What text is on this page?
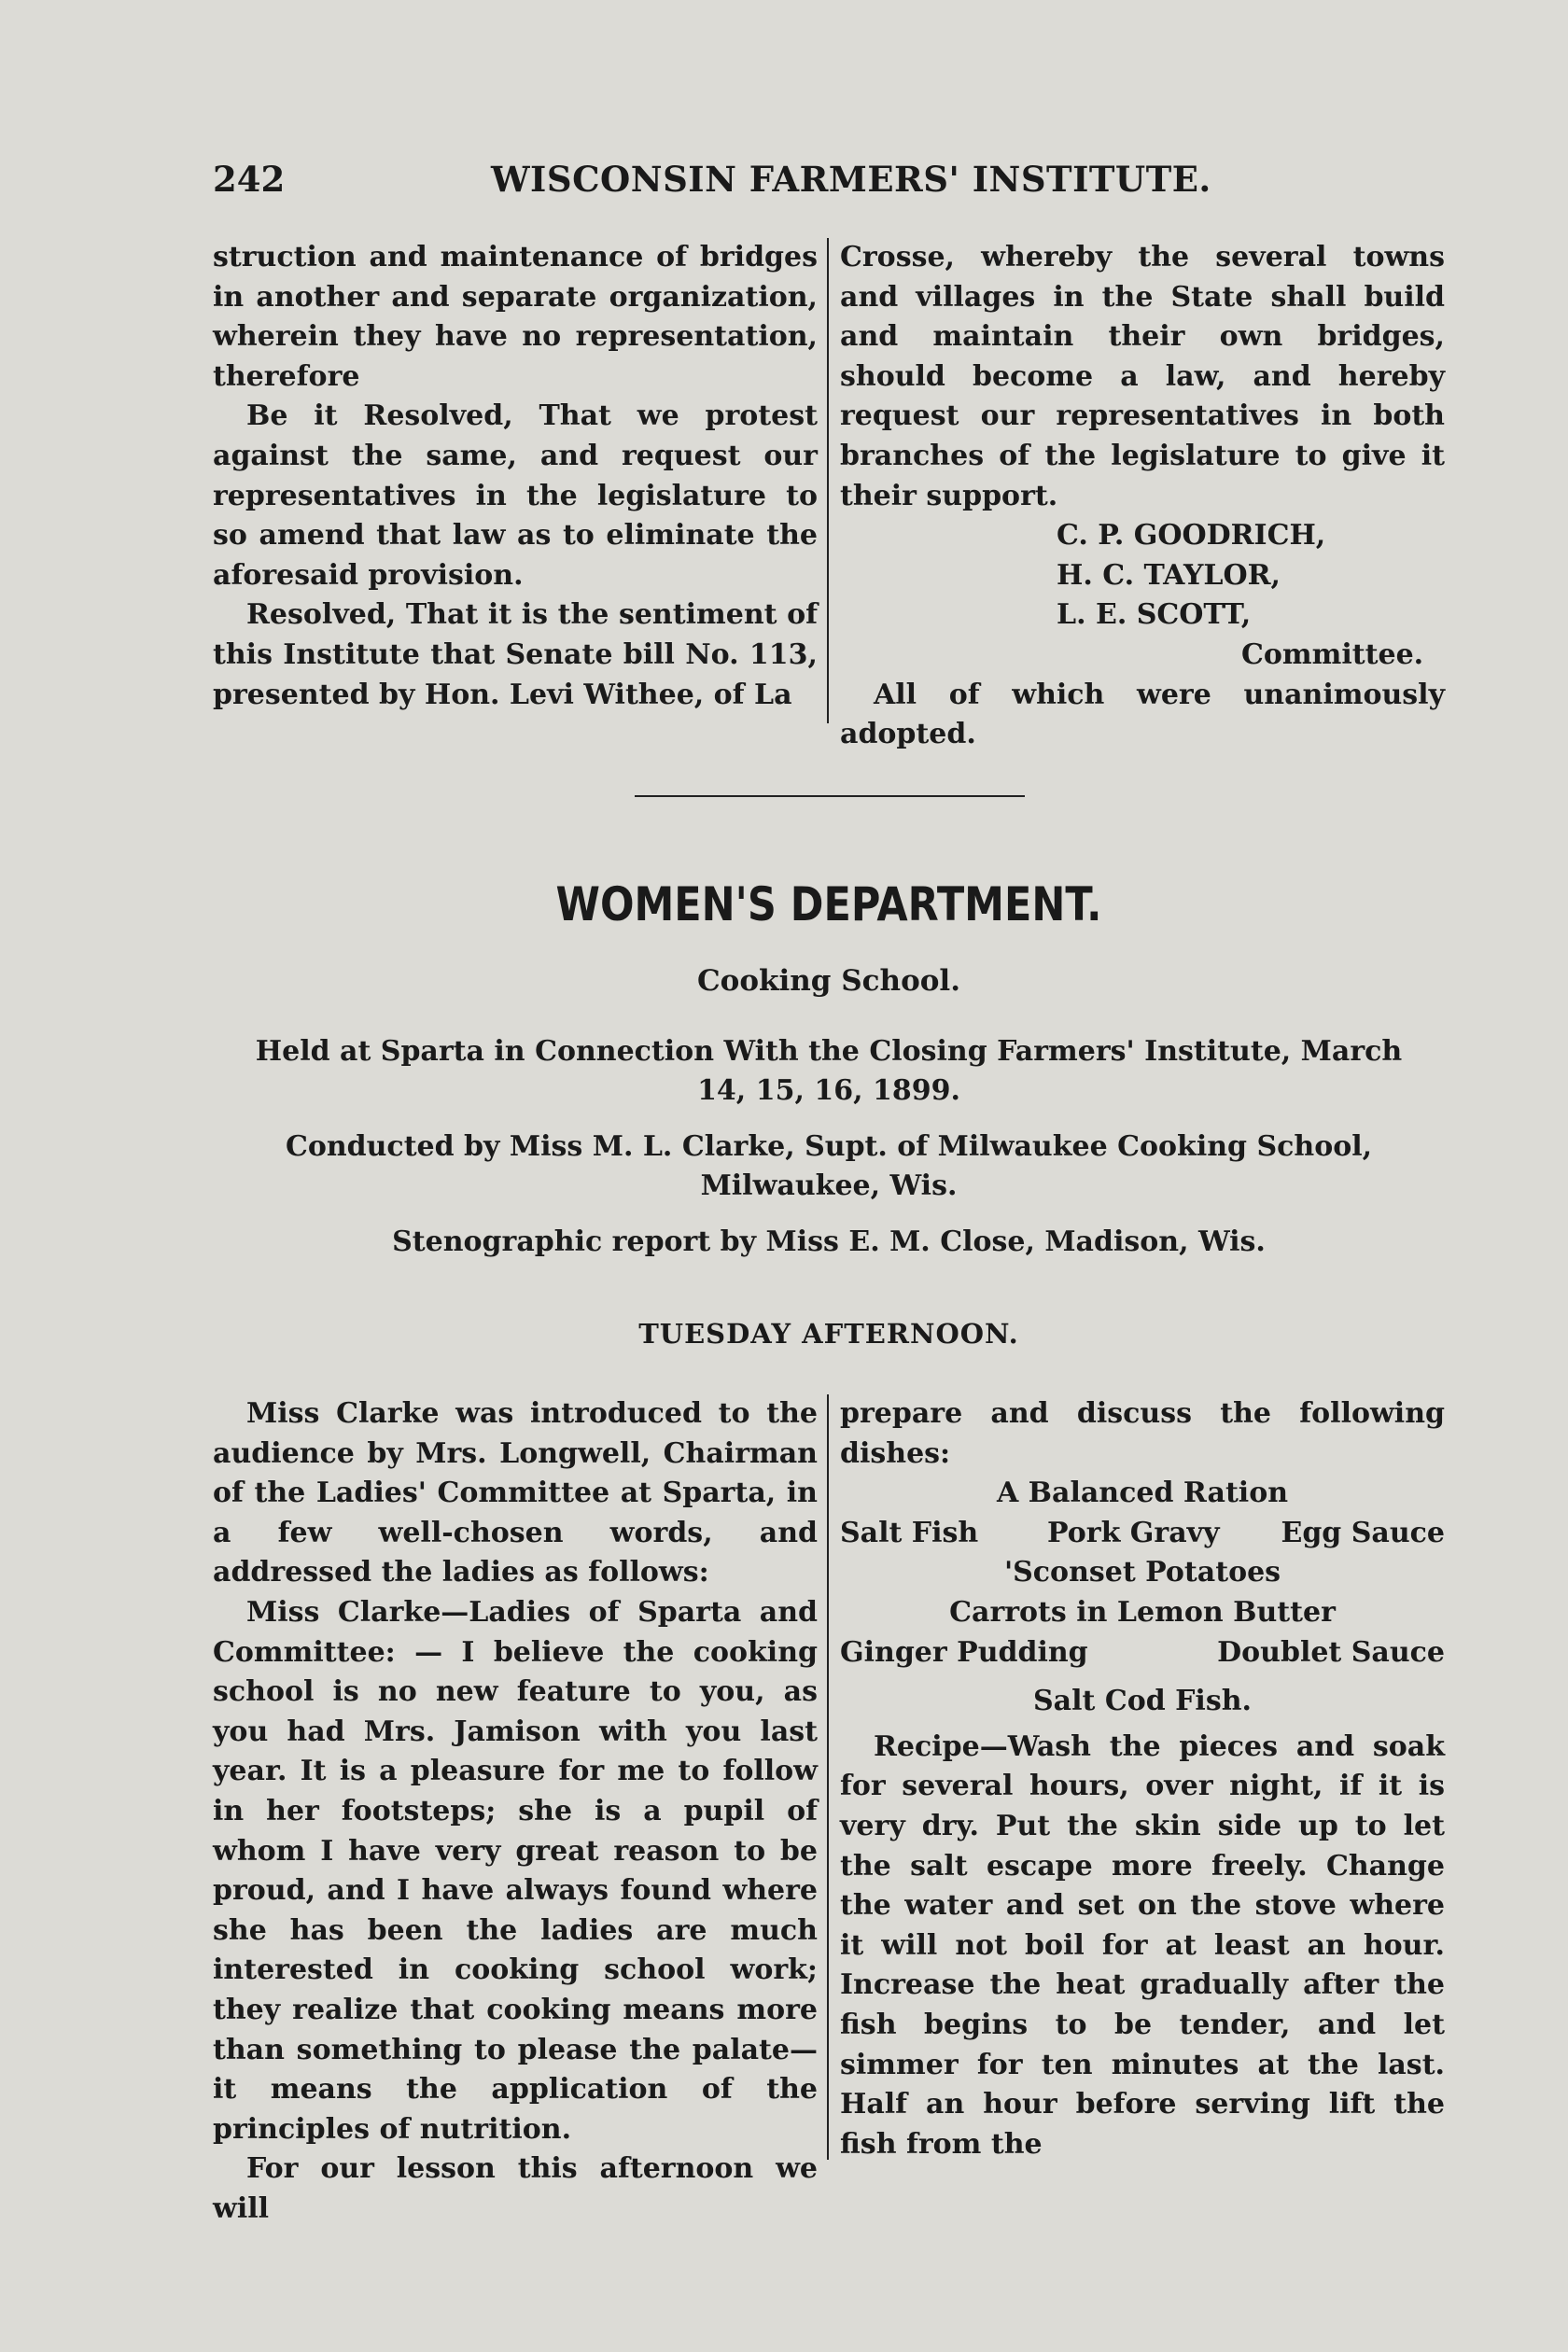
242	WISCONSIN FARMERS' INSTITUTE.

struction and maintenance of bridges in another and separate organization, wherein they have no representation, therefore

Be it Resolved, That we protest against the same, and request our representatives in the legislature to so amend that law as to eliminate the aforesaid provision.

Resolved, That it is the sentiment of this Institute that Senate bill No. 113, presented by Hon. Levi Withee, of La

Crosse, whereby the several towns and villages in the State shall build and maintain their own bridges, should become a law, and hereby request our representatives in both branches of the legislature to give it their support.

C. P. GOODRICH,

H. C. TAYLOR,

L. E. SCOTT,

Committee.

All of which were unanimously adopted.

WOMEN'S DEPARTMENT.
Cooking School.
Held at Sparta in Connection With the Closing Farmers' Institute, March 14, 15, 16, 1899.
Conducted by Miss M. L. Clarke, Supt. of Milwaukee Cooking School, Milwaukee, Wis.
Stenographic report by Miss E. M. Close, Madison, Wis.
TUESDAY AFTERNOON.

Miss Clarke was introduced to the audience by Mrs. Longwell, Chairman of the Ladies' Committee at Sparta, in a few well-chosen words, and addressed the ladies as follows:

Miss Clarke—Ladies of Sparta and Committee: — I believe the cooking school is no new feature to you, as you had Mrs. Jamison with you last year. It is a pleasure for me to follow in her footsteps; she is a pupil of whom I have very great reason to be proud, and I have always found where she has been the ladies are much interested in cooking school work; they realize that cooking means more than something to please the palate—it means the application of the principles of nutrition.

For our lesson this afternoon we will

prepare and discuss the following dishes:

A Balanced Ration
Salt Fish Pork Gravy Egg Sauce
'Sconset Potatoes
Carrots in Lemon Butter
Ginger Pudding	Doublet Sauce
Salt Cod Fish.

Recipe—Wash the pieces and soak for several hours, over night, if it is very dry. Put the skin side up to let the salt escape more freely. Change the water and set on the stove where it will not boil for at least an hour. Increase the heat gradually after the fish begins to be tender, and let simmer for ten minutes at the last. Half an hour before serving lift the fish from the
